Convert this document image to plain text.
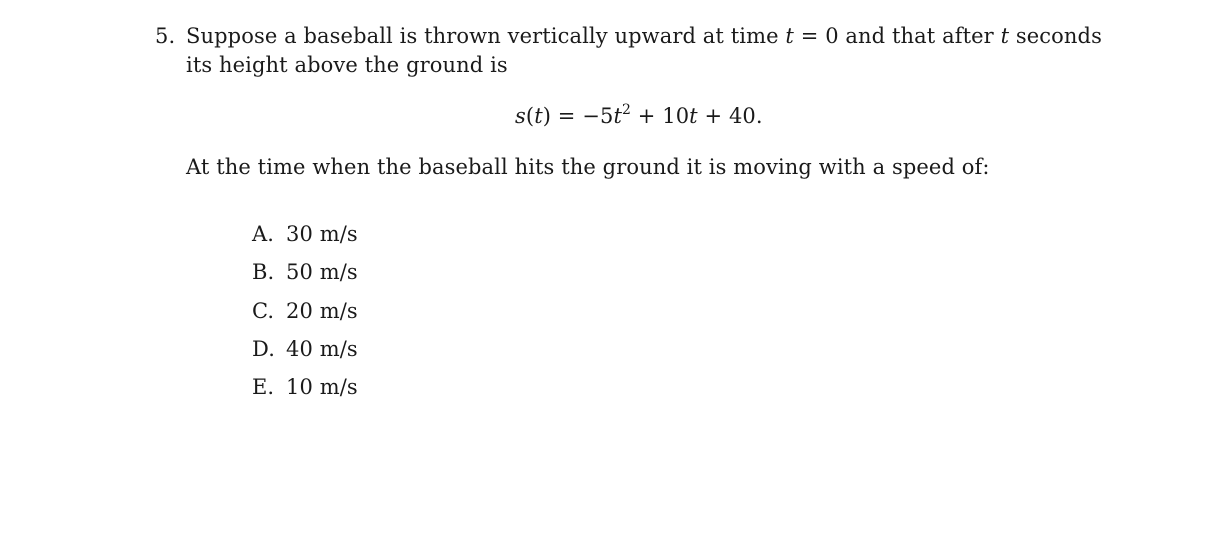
5. Suppose a baseball is thrown vertically upward at time t = 0 and that after t seconds
its height above the ground is
$s(t) = -5t^2 + 10t + 40$.
At the time when the baseball hits the ground it is moving with a speed of:
A. 30 m/s
B. 50 m/s
C. 20 m/s
D. 40 m/s
E. 10 m/s
